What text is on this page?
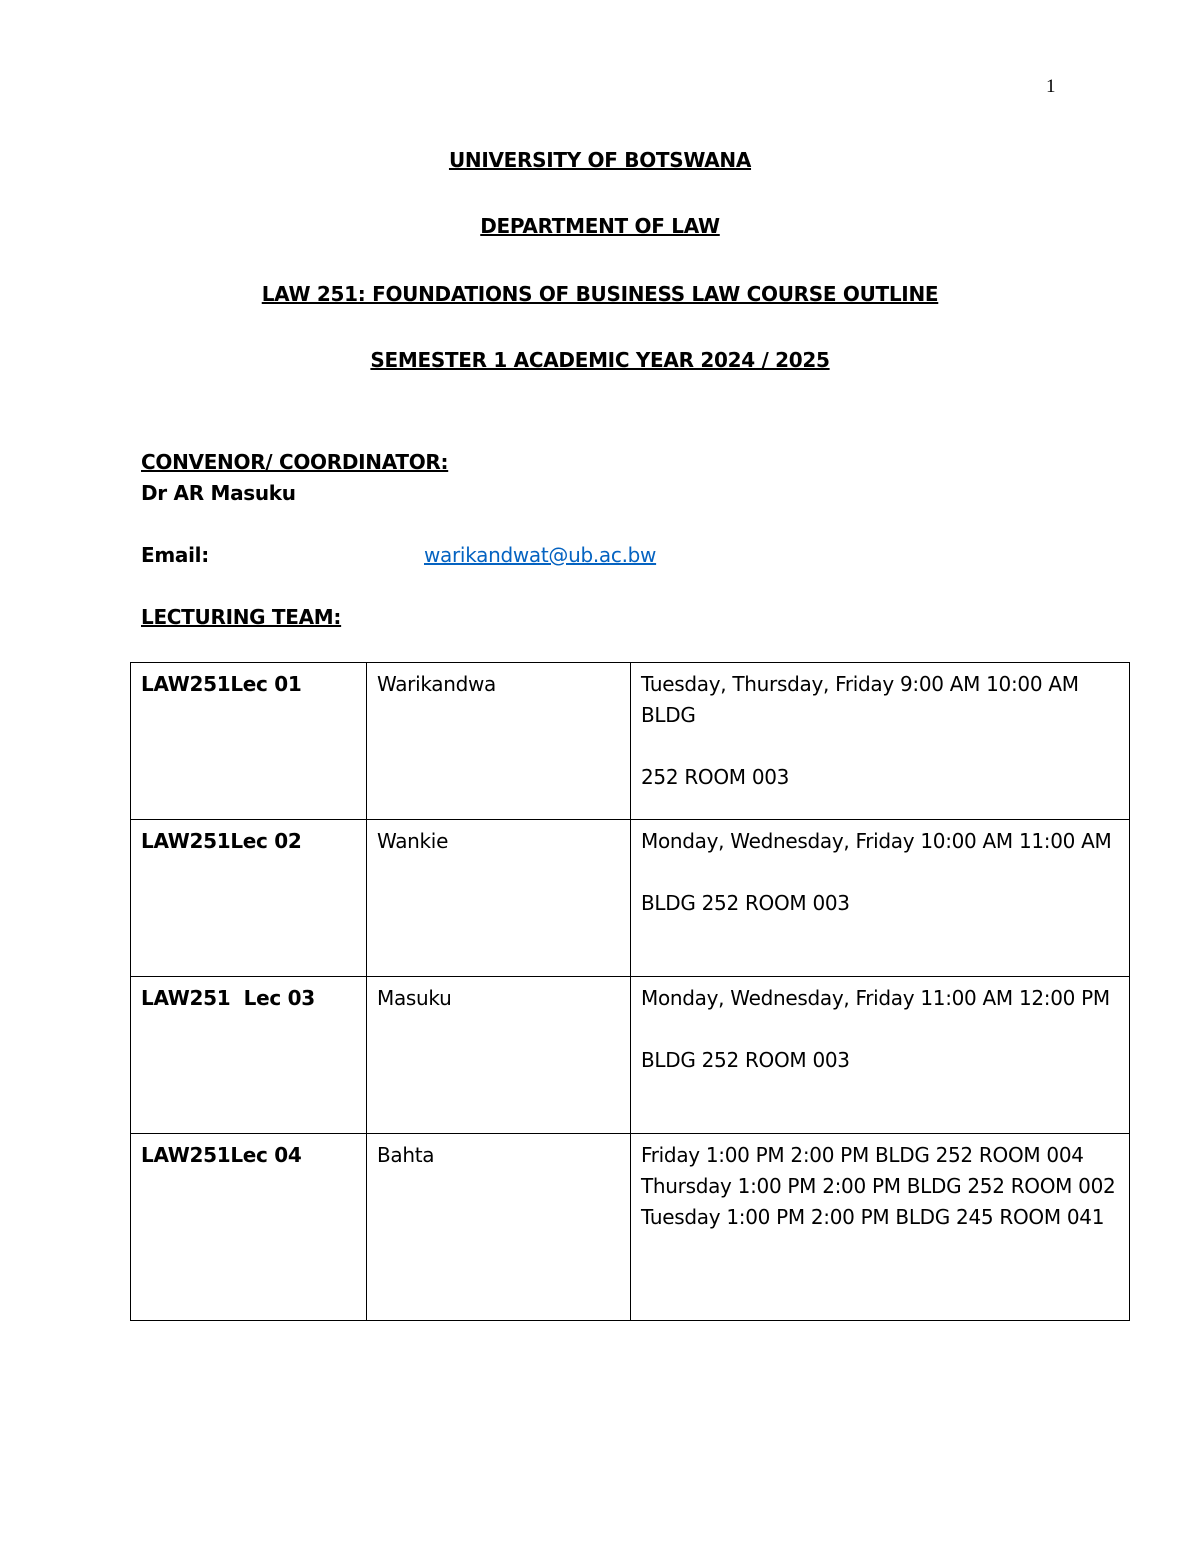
1
UNIVERSITY OF BOTSWANA
DEPARTMENT OF LAW
LAW 251: FOUNDATIONS OF BUSINESS LAW COURSE OUTLINE
SEMESTER 1 ACADEMIC YEAR 2024 / 2025
CONVENOR/ COORDINATOR:
Dr AR Masuku
Email:	warikandwat@ub.ac.bw
LECTURING TEAM:
LAW251Lec 01	Warikandwa	Tuesday, Thursday, Friday 9:00 AM 10:00 AM BLDG
252 ROOM 003
LAW251Lec 02	Wankie	Monday, Wednesday, Friday 10:00 AM 11:00 AM
BLDG 252 ROOM 003
LAW251  Lec 03	Masuku	Monday, Wednesday, Friday 11:00 AM 12:00 PM
BLDG 252 ROOM 003
LAW251Lec 04	Bahta	Friday 1:00 PM 2:00 PM BLDG 252 ROOM 004
Thursday 1:00 PM 2:00 PM BLDG 252 ROOM 002
Tuesday 1:00 PM 2:00 PM BLDG 245 ROOM 041
